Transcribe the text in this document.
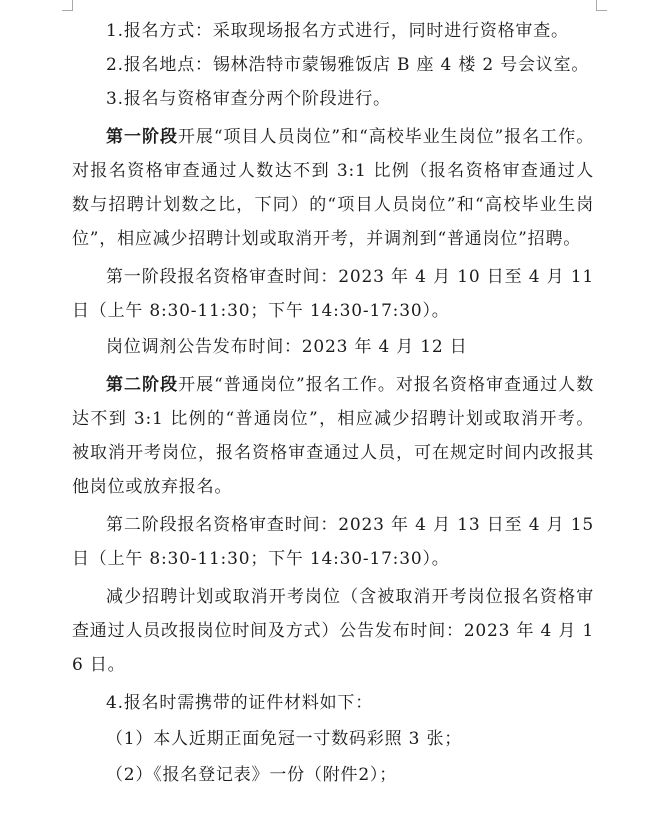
1.报名方式：采取现场报名方式进行，同时进行资格审查。

2.报名地点：锡林浩特市蒙锡雅饭店 B 座 4 楼 2 号会议室。

3.报名与资格审查分两个阶段进行。

第一阶段开展“项目人员岗位”和“高校毕业生岗位”报名工作。对报名资格审查通过人数达不到 3:1 比例（报名资格审查通过人数与招聘计划数之比，下同）的“项目人员岗位”和“高校毕业生岗位”，相应减少招聘计划或取消开考，并调剂到“普通岗位”招聘。

第一阶段报名资格审查时间：2023 年 4 月 10 日至 4 月 11 日（上午 8:30-11:30；下午 14:30-17:30）。

岗位调剂公告发布时间：2023 年 4 月 12 日

第二阶段开展“普通岗位”报名工作。对报名资格审查通过人数达不到 3:1 比例的“普通岗位”，相应减少招聘计划或取消开考。被取消开考岗位，报名资格审查通过人员，可在规定时间内改报其他岗位或放弃报名。

第二阶段报名资格审查时间：2023 年 4 月 13 日至 4 月 15 日（上午 8:30-11:30；下午 14:30-17:30）。

减少招聘计划或取消开考岗位（含被取消开考岗位报名资格审查通过人员改报岗位时间及方式）公告发布时间：2023 年 4 月 16 日。

4.报名时需携带的证件材料如下：

（1）本人近期正面免冠一寸数码彩照 3 张；

（2）《报名登记表》一份（附件2）；
